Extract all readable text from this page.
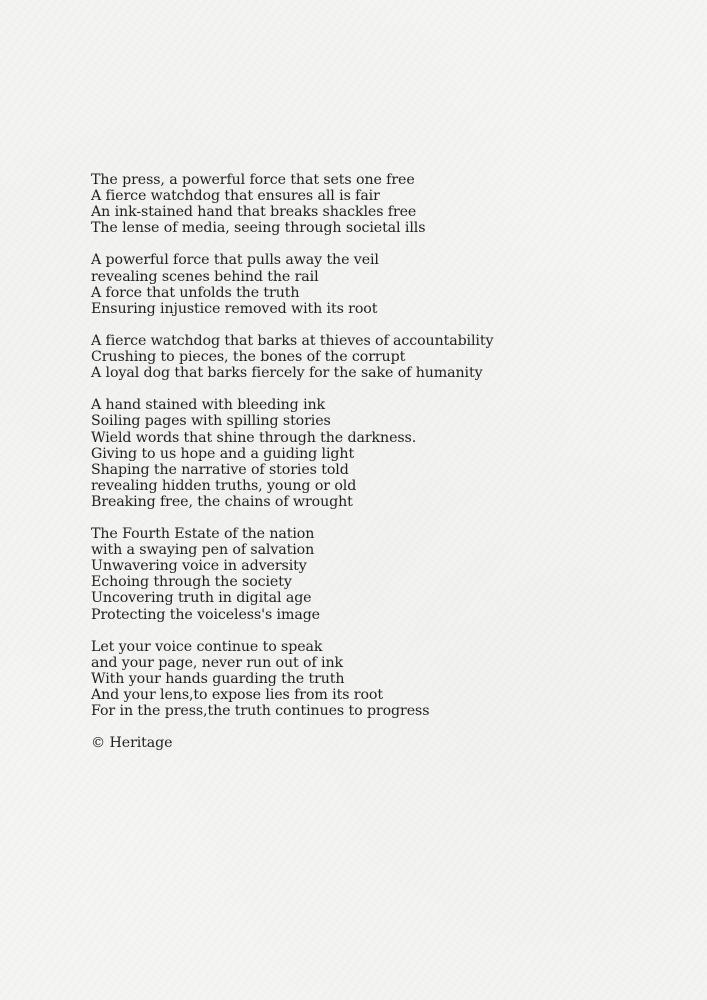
The press, a powerful force that sets one free
A fierce watchdog that ensures all is fair
An ink-stained hand that breaks shackles free
The lense of media, seeing through societal ills
A powerful force that pulls away the veil
revealing scenes behind the rail
A force that unfolds the truth
Ensuring injustice removed with its root
A fierce watchdog that barks at thieves of accountability
Crushing to pieces, the bones of the corrupt
A loyal dog that barks fiercely for the sake of humanity
A hand stained with bleeding ink
Soiling pages with spilling stories
Wield words that shine through the darkness.
Giving to us hope and a guiding light
Shaping the narrative of stories told
revealing hidden truths, young or old
Breaking free, the chains of wrought
The Fourth Estate of the nation
with a swaying pen of salvation
Unwavering voice in adversity
Echoing through the society
Uncovering truth in digital age
Protecting the voiceless's image
Let your voice continue to speak
and your page, never run out of ink
With your hands guarding the truth
And your lens,to expose lies from its root
For in the press,the truth continues to progress
© Heritage
